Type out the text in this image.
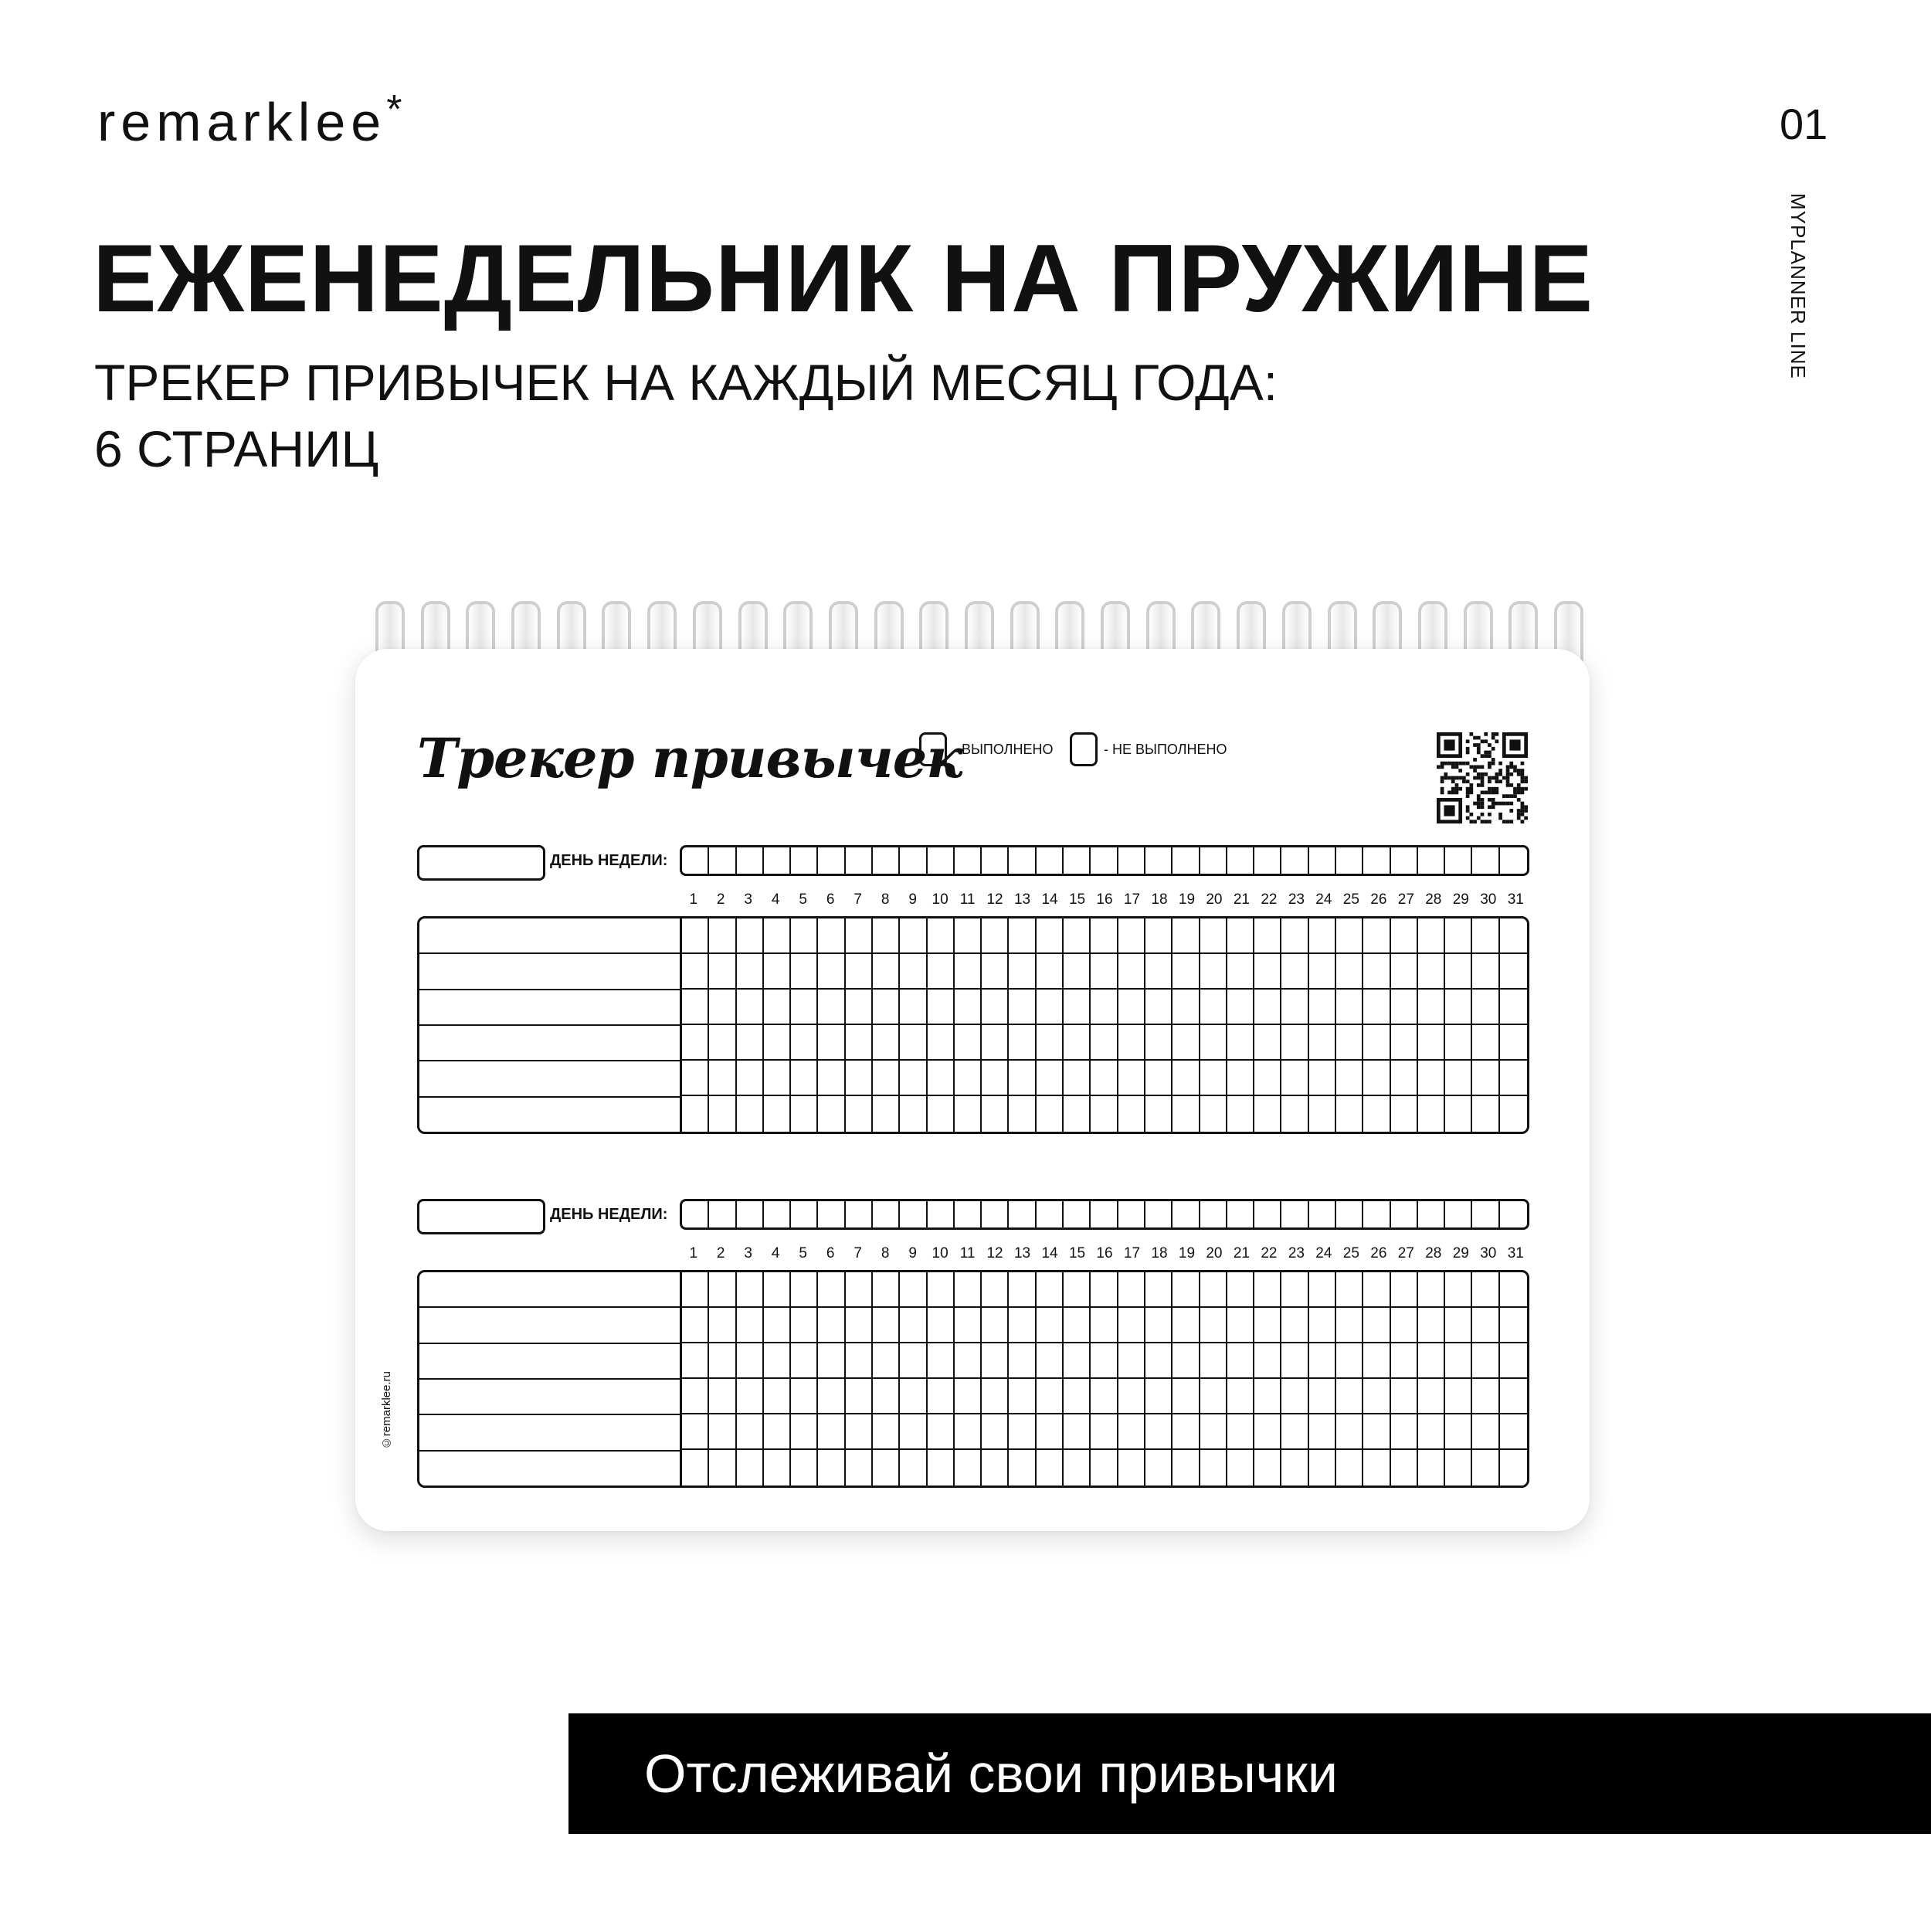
remarklee*	01
MYPLANNER LINE
ЕЖЕНЕДЕЛЬНИК НА ПРУЖИНЕ
ТРЕКЕР ПРИВЫЧЕК НА КАЖДЫЙ МЕСЯЦ ГОДА:
6 СТРАНИЦ
Трекер привычек
- ВЫПОЛНЕНО	- НЕ ВЫПОЛНЕНО
ДЕНЬ НЕДЕЛИ:
1	2	3	4	5	6	7	8	9	10 11 12 13 14 15 16 17 18 19 20 21 22 23 24 25 26 27 28 29 30 31
ДЕНЬ НЕДЕЛИ:
1	2	3	4	5	6	7	8	9	10 11 12 13 14 15 16 17 18 19 20 21 22 23 24 25 26 27 28 29 30 31
©remarklee.ru
Отслеживай свои привычки
